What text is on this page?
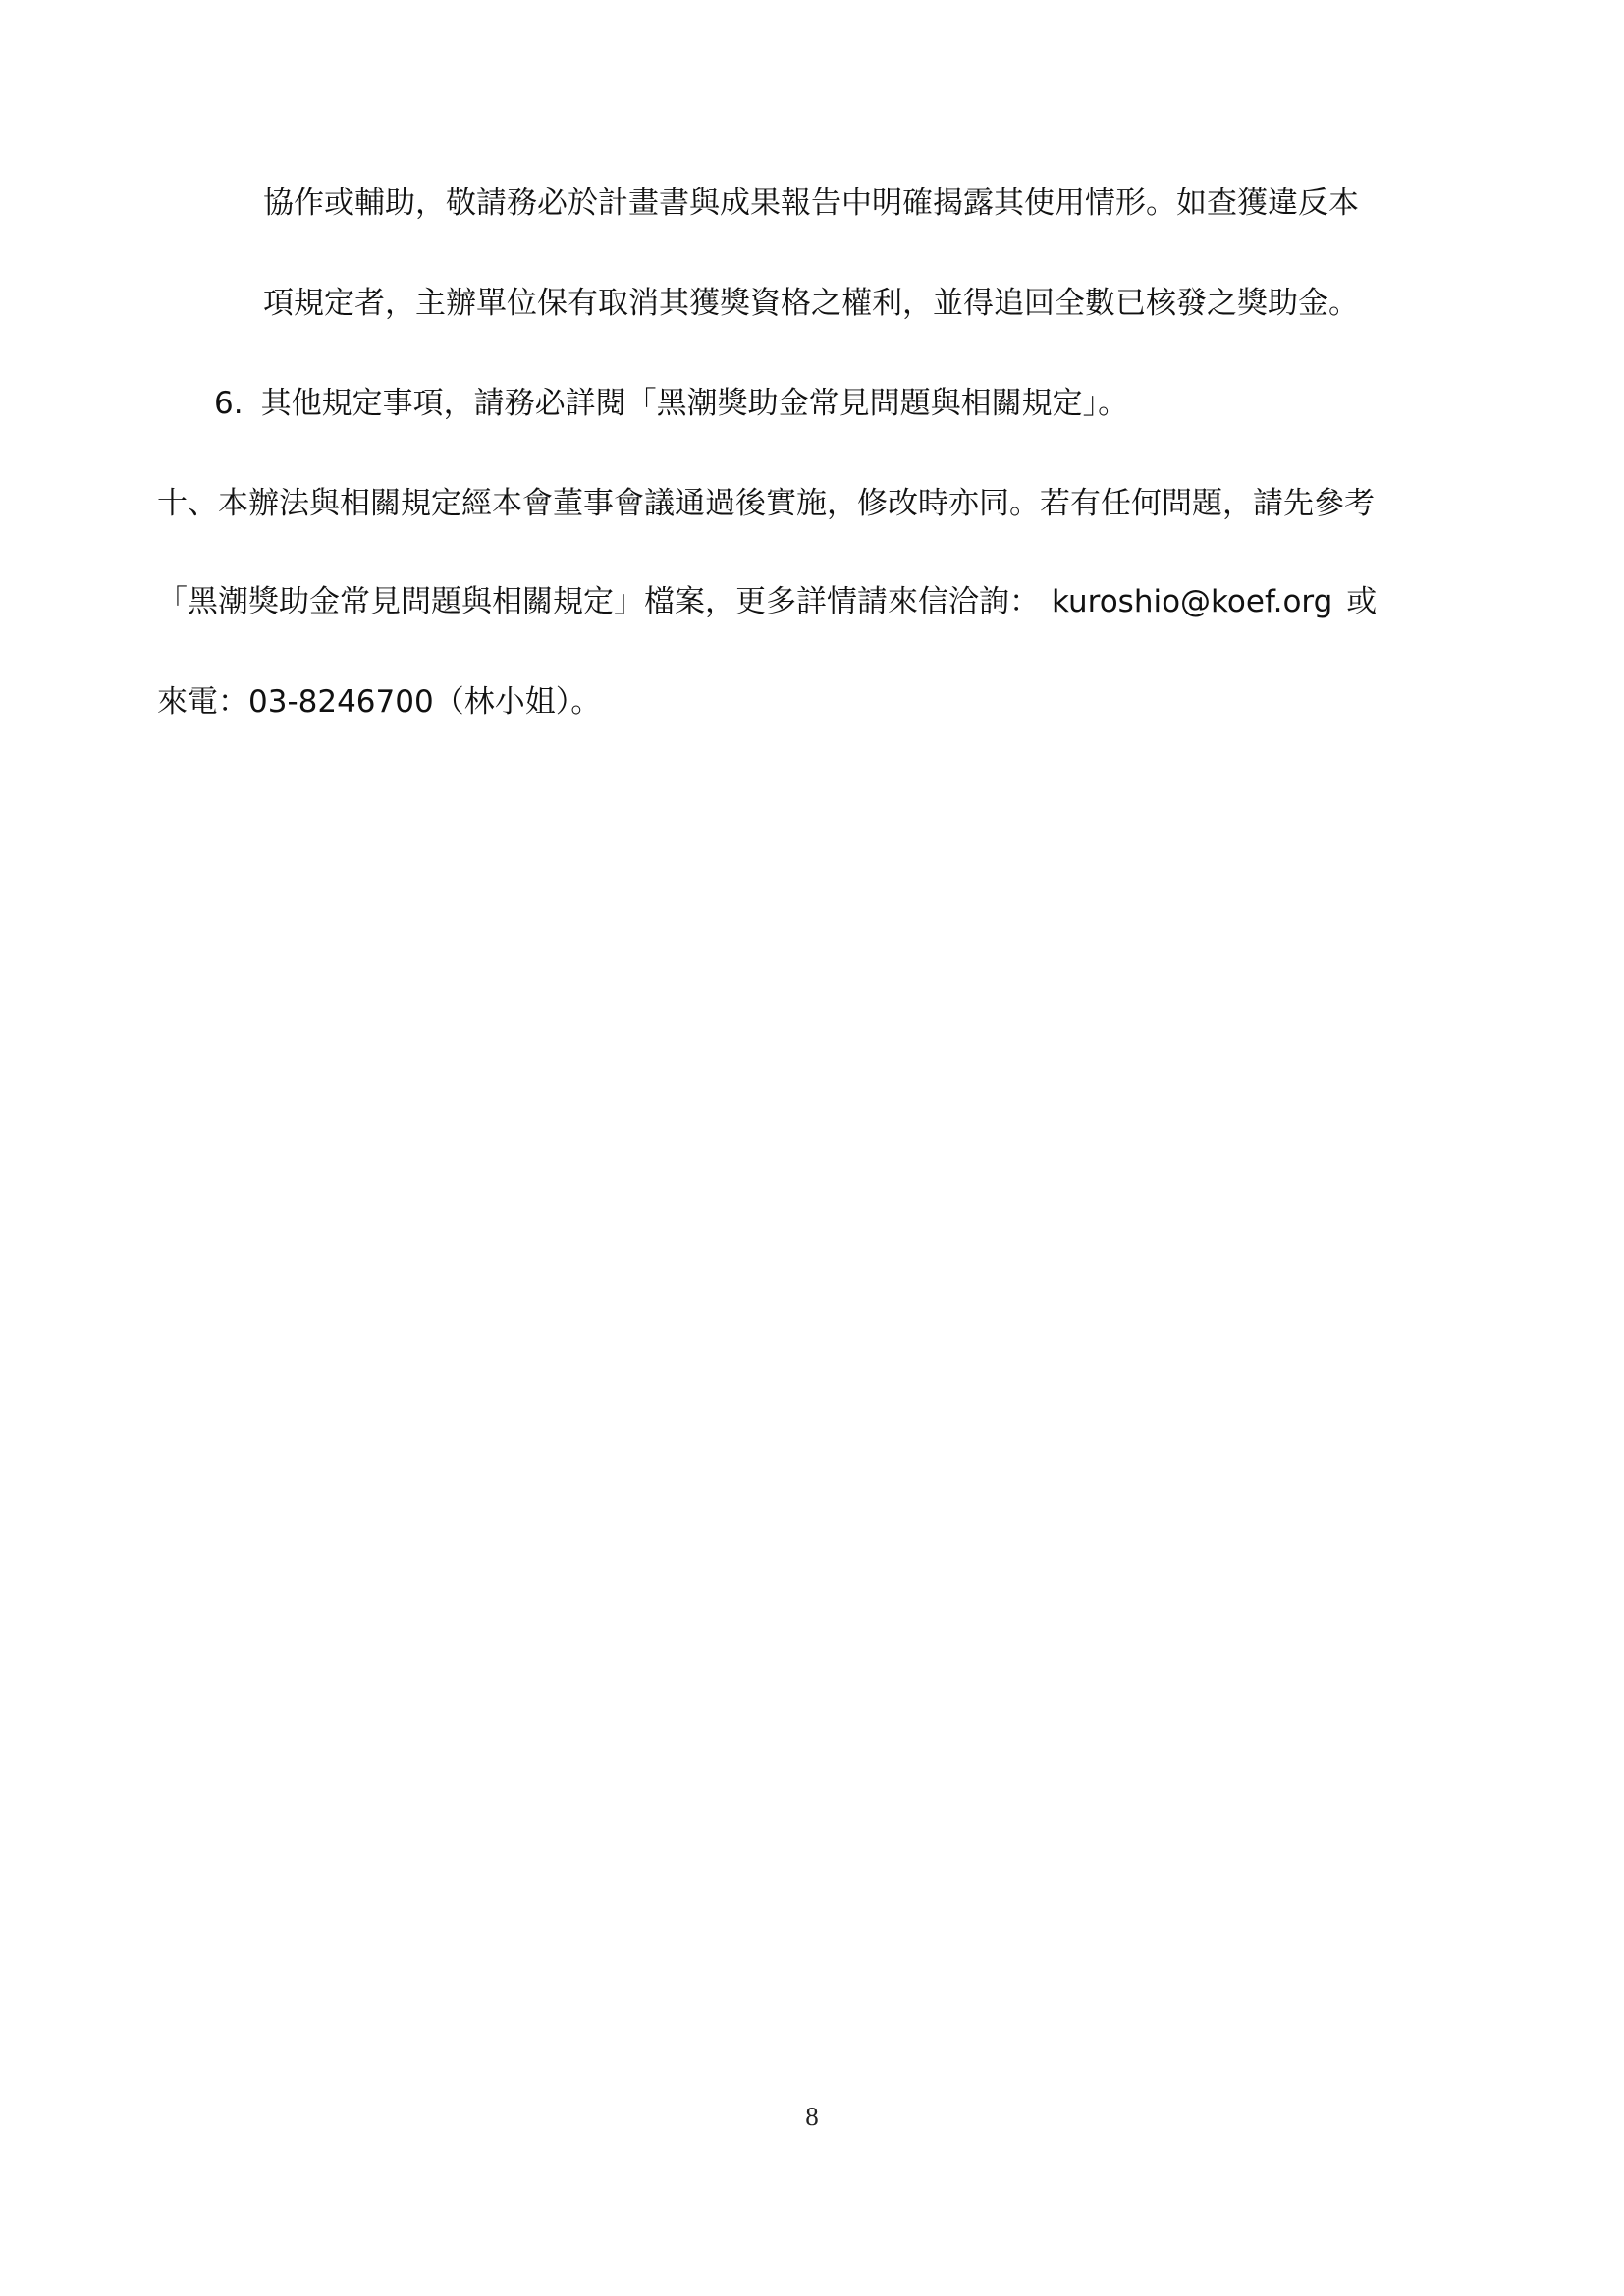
協作或輔助，敬請務必於計畫書與成果報告中明確揭露其使用情形。如查獲違反本
項規定者，主辦單位保有取消其獲獎資格之權利，並得追回全數已核發之獎助金。
6. 其他規定事項，請務必詳閱「黑潮獎助金常見問題與相關規定」。
十、本辦法與相關規定經本會董事會議通過後實施，修改時亦同。若有任何問題，請先參考
「黑潮獎助金常見問題與相關規定」檔案，更多詳情請來信洽詢： kuroshio@koef.org 或
來電：03-8246700（林小姐）。
8
